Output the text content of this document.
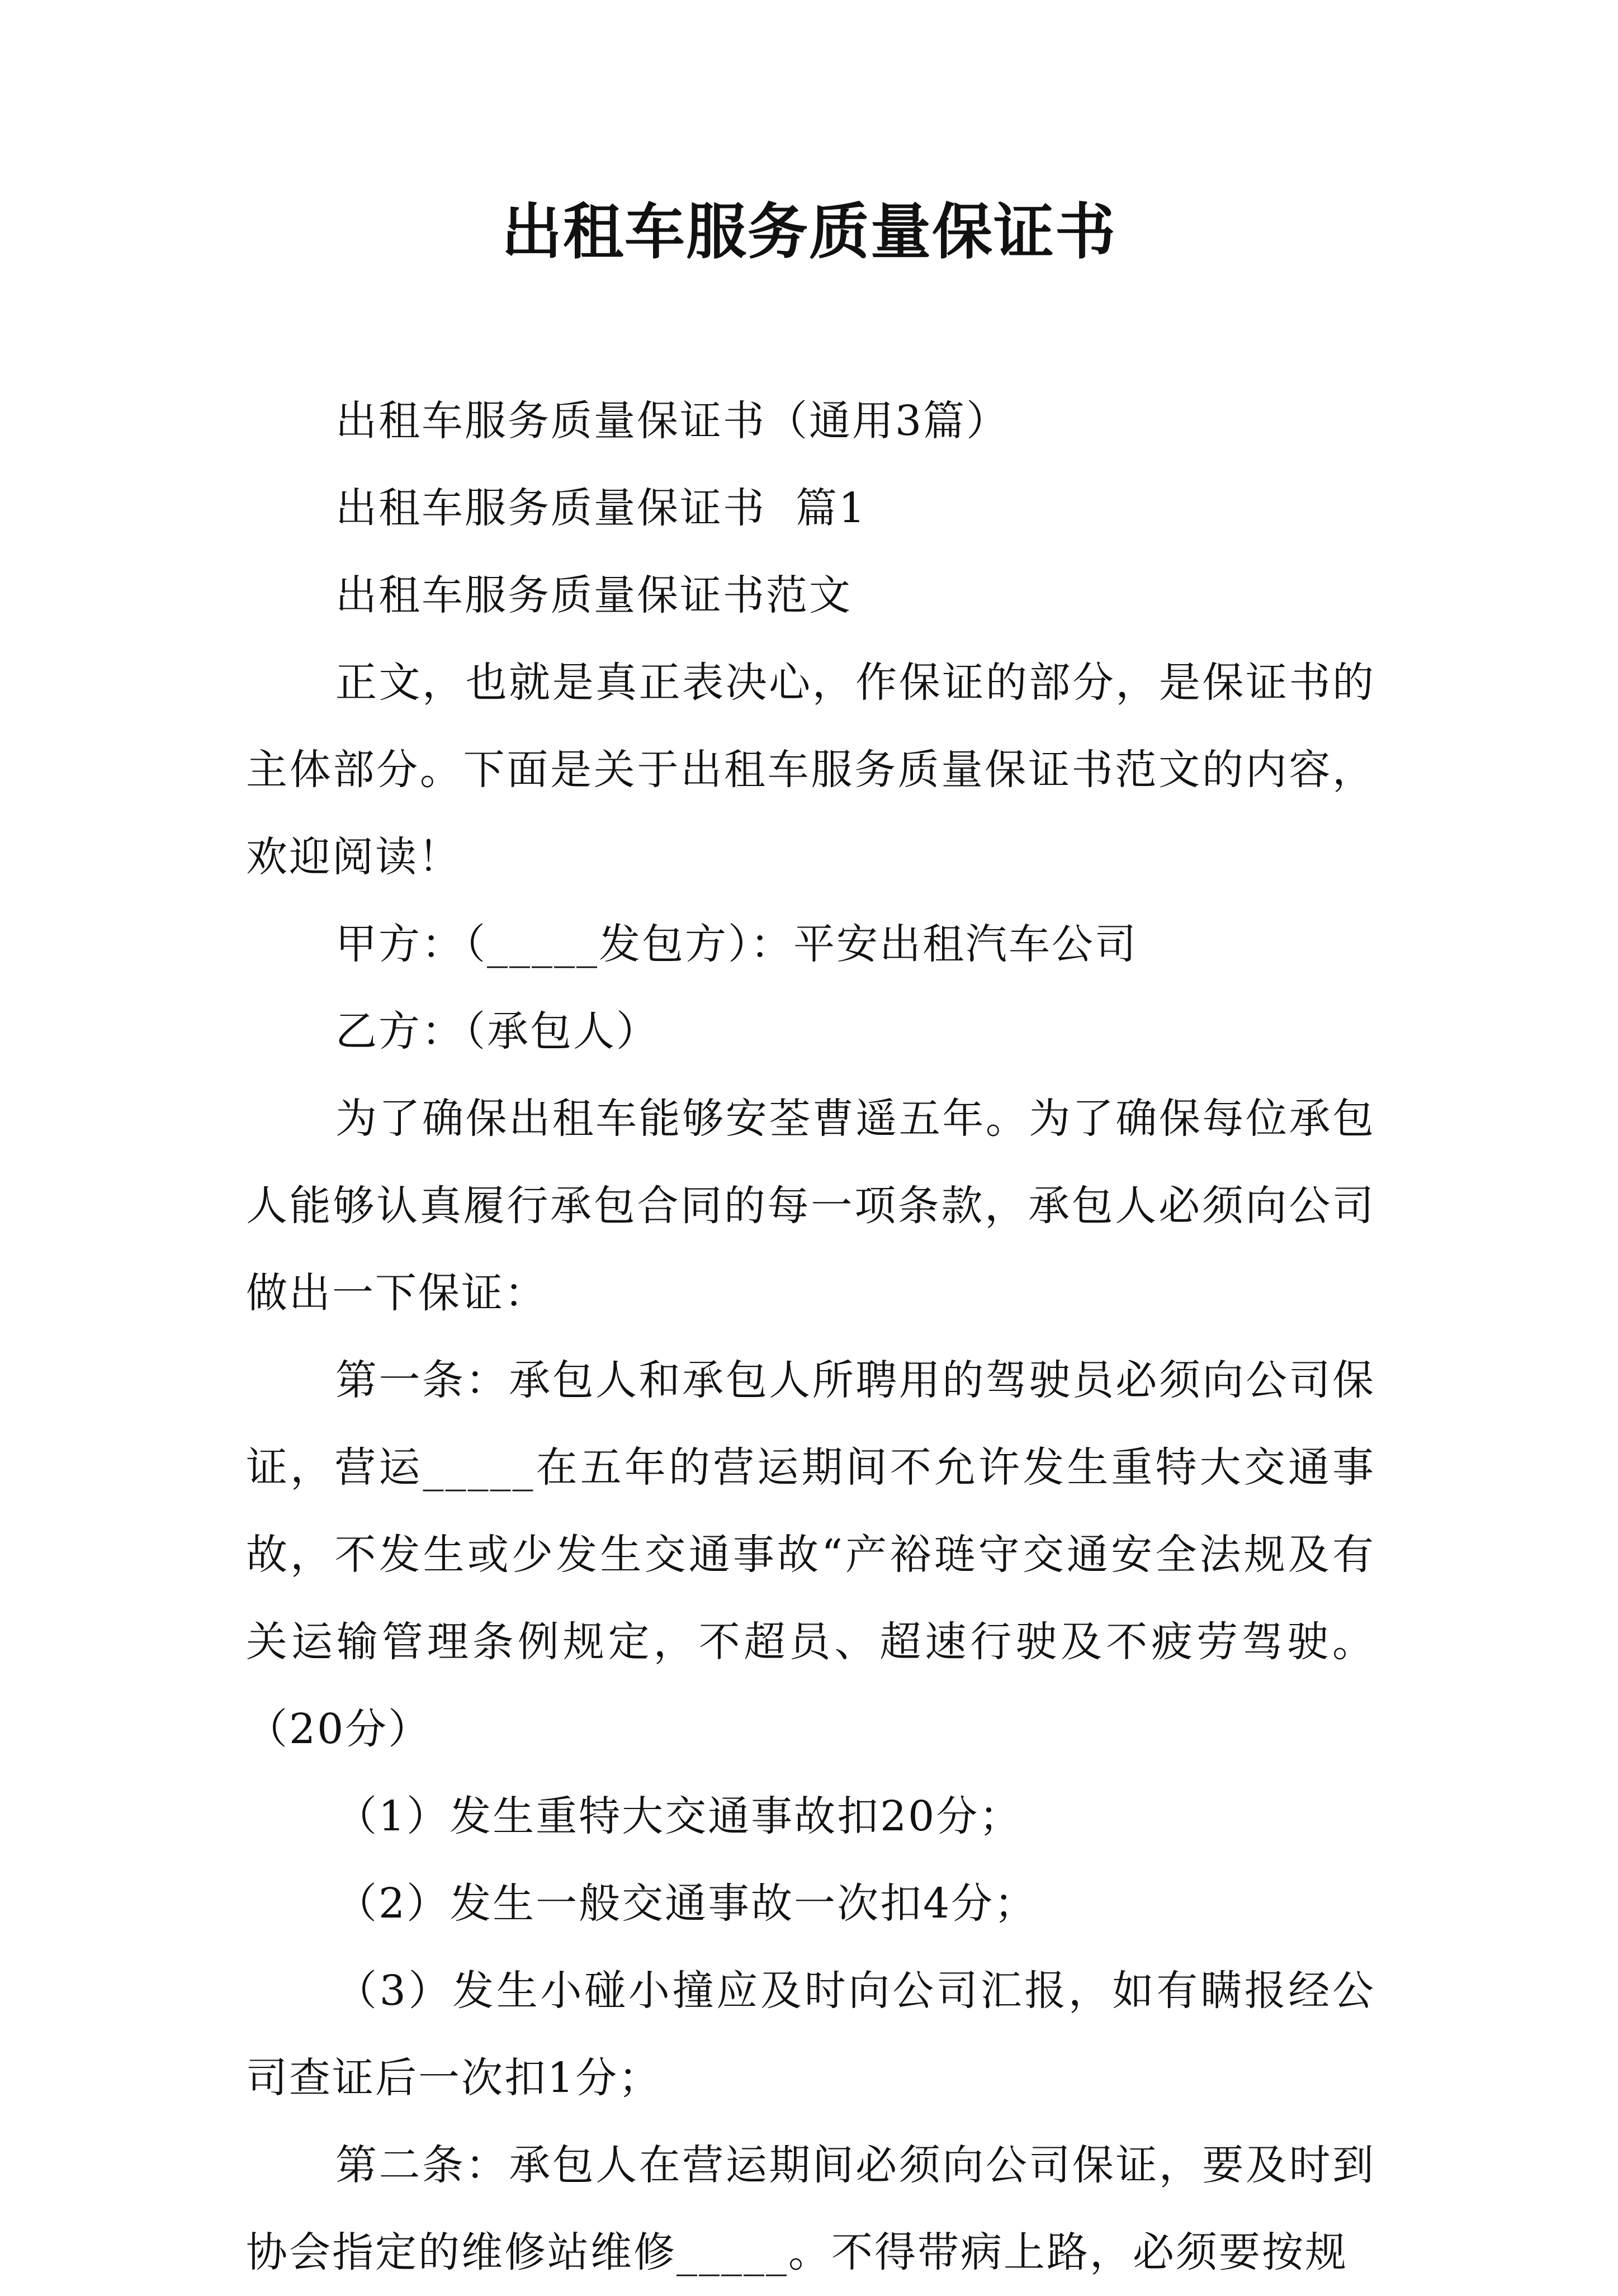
出租车服务质量保证书

出租车服务质量保证书（通用3篇）

出租车服务质量保证书  篇1

出租车服务质量保证书范文

正文，也就是真正表决心，作保证的部分，是保证书的主体部分。下面是关于出租车服务质量保证书范文的内容，欢迎阅读！

甲方：（_____发包方）：平安出租汽车公司

乙方：（承包人）

为了确保出租车能够安荃曹遥五年。为了确保每位承包人能够认真履行承包合同的每一项条款，承包人必须向公司做出一下保证：

第一条：承包人和承包人所聘用的驾驶员必须向公司保证，营运_____在五年的营运期间不允许发生重特大交通事故，不发生或少发生交通事故“产裕琏守交通安全法规及有关运输管理条例规定，不超员、超速行驶及不疲劳驾驶。（20分）

（1）发生重特大交通事故扣20分；

（2）发生一般交通事故一次扣4分；

（3）发生小碰小撞应及时向公司汇报，如有瞒报经公司查证后一次扣1分；

第二条：承包人在营运期间必须向公司保证，要及时到协会指定的维修站维修_____。不得带病上路，必须要按规
